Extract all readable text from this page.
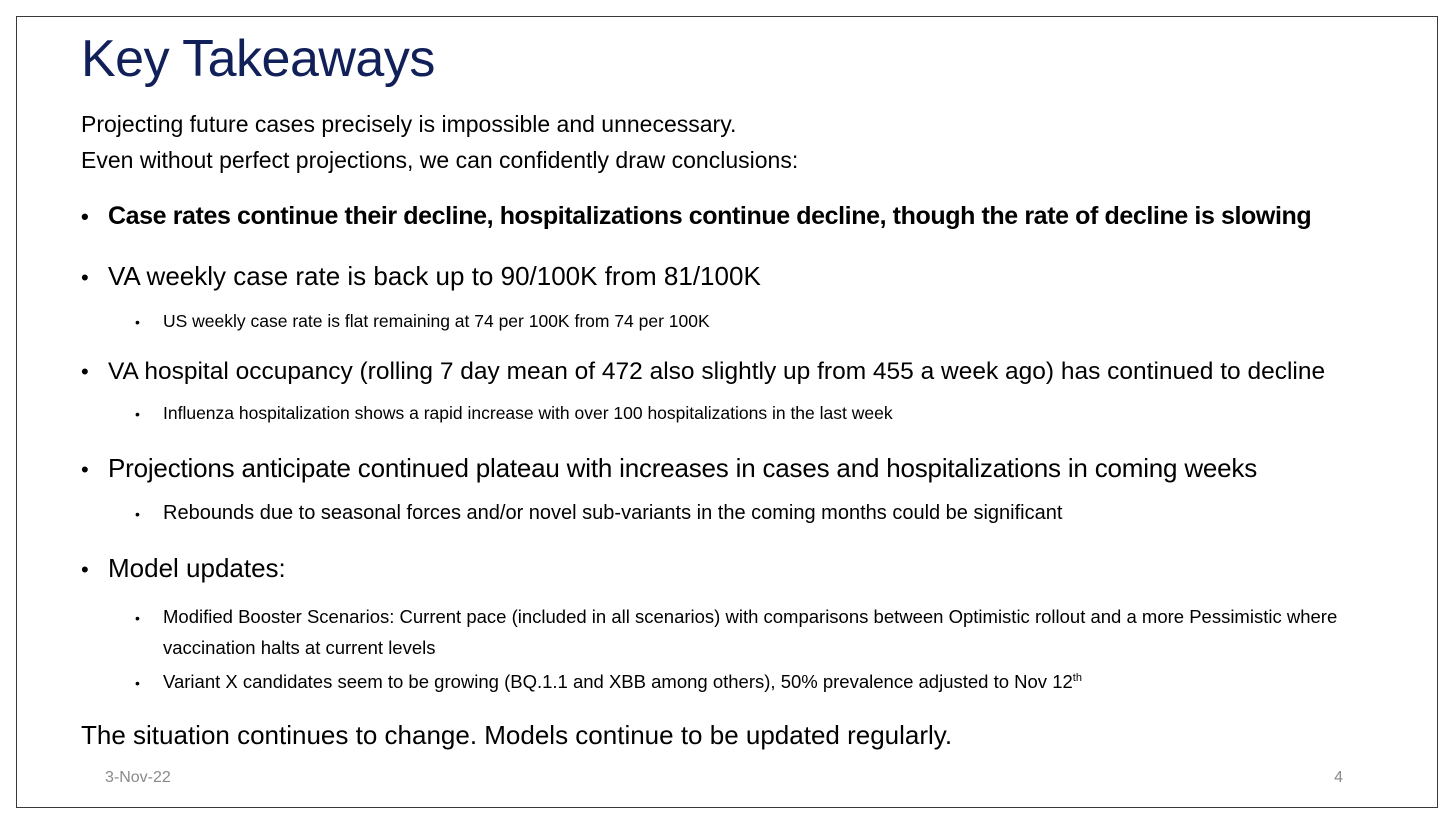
Key Takeaways
Projecting future cases precisely is impossible and unnecessary.
Even without perfect projections, we can confidently draw conclusions:
• Case rates continue their decline, hospitalizations continue decline, though the rate of decline is slowing
• VA weekly case rate is back up to 90/100K from 81/100K
•	US weekly case rate is flat remaining at 74 per 100K from 74 per 100K
• VA hospital occupancy (rolling 7 day mean of 472 also slightly up from 455 a week ago) has continued to decline
•	Influenza hospitalization shows a rapid increase with over 100 hospitalizations in the last week
• Projections anticipate continued plateau with increases in cases and hospitalizations in coming weeks
•	Rebounds due to seasonal forces and/or novel sub-variants in the coming months could be significant
• Model updates:
•	Modified Booster Scenarios: Current pace (included in all scenarios) with comparisons between Optimistic rollout and a more Pessimistic where vaccination halts at current levels
•	Variant X candidates seem to be growing (BQ.1.1 and XBB among others), 50% prevalence adjusted to Nov 12th
The situation continues to change. Models continue to be updated regularly.
3-Nov-22	4
